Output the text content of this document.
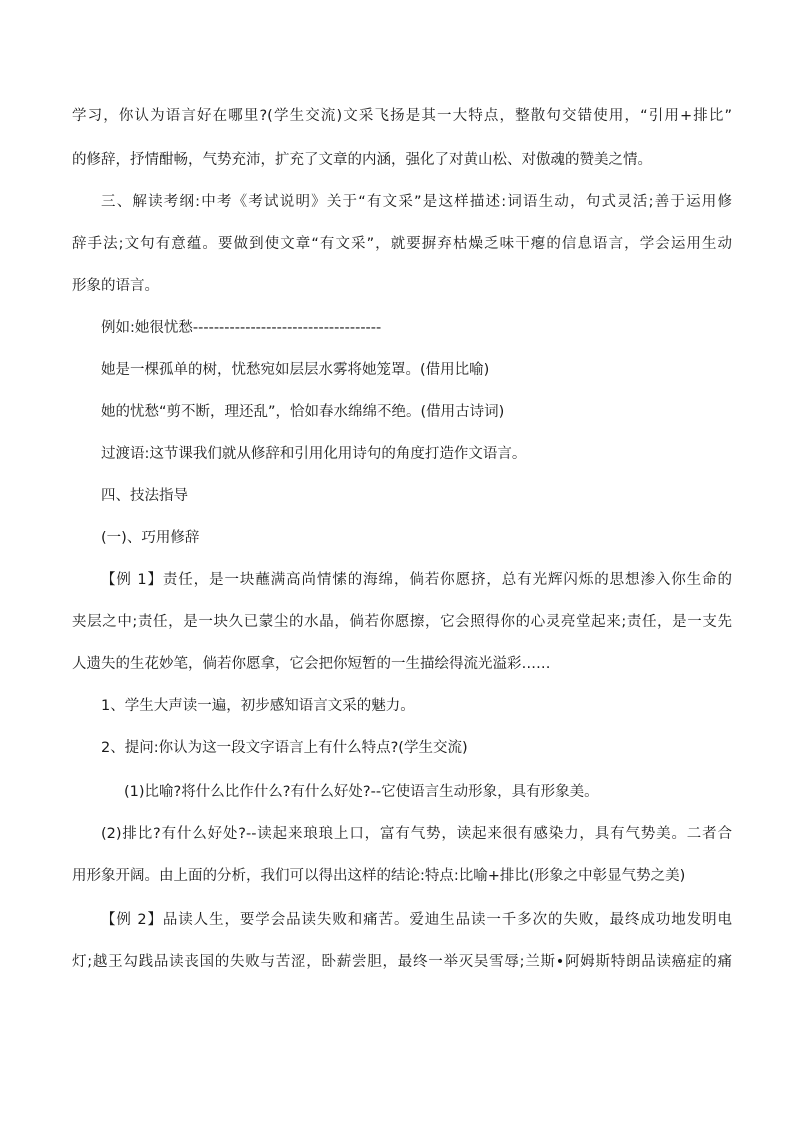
学习，你认为语言好在哪里?(学生交流)文采飞扬是其一大特点，整散句交错使用，“引用+排比”
的修辞，抒情酣畅，气势充沛，扩充了文章的内涵，强化了对黄山松、对傲魂的赞美之情。
三、解读考纲:中考《考试说明》关于“有文采”是这样描述:词语生动，句式灵活;善于运用修
辞手法;文句有意蕴。要做到使文章“有文采”，就要摒弃枯燥乏味干瘪的信息语言，学会运用生动
形象的语言。
例如:她很忧愁------------------------------------
她是一棵孤单的树，忧愁宛如层层水雾将她笼罩。(借用比喻)
她的忧愁“剪不断，理还乱”，恰如春水绵绵不绝。(借用古诗词)
过渡语:这节课我们就从修辞和引用化用诗句的角度打造作文语言。
四、技法指导
(一)、巧用修辞
【例 1】责任，是一块蘸满高尚情愫的海绵，倘若你愿挤，总有光辉闪烁的思想渗入你生命的
夹层之中;责任，是一块久已蒙尘的水晶，倘若你愿擦，它会照得你的心灵亮堂起来;责任，是一支先
人遗失的生花妙笔，倘若你愿拿，它会把你短暂的一生描绘得流光溢彩……
1、学生大声读一遍，初步感知语言文采的魅力。
2、提问:你认为这一段文字语言上有什么特点?(学生交流)
(1)比喻?将什么比作什么?有什么好处?--它使语言生动形象，具有形象美。
(2)排比?有什么好处?--读起来琅琅上口，富有气势，读起来很有感染力，具有气势美。二者合
用形象开阔。由上面的分析，我们可以得出这样的结论:特点:比喻+排比(形象之中彰显气势之美)
【例 2】品读人生，要学会品读失败和痛苦。爱迪生品读一千多次的失败，最终成功地发明电
灯;越王勾践品读丧国的失败与苦涩，卧薪尝胆，最终一举灭吴雪辱;兰斯•阿姆斯特朗品读癌症的痛
